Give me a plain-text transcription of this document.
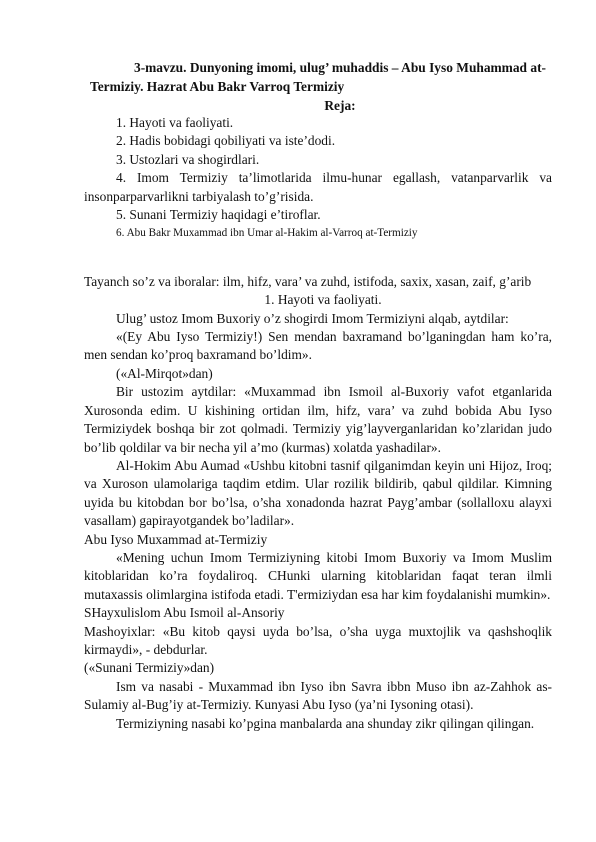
3-mavzu. Dunyoning imomi, ulug’ muhaddis – Abu Iyso Muhammad at-Termiziy. Hazrat Abu Bakr Varroq Termiziy
Reja:

1. Hayoti va faoliyati.

2. Hadis bobidagi qobiliyati va iste’dodi.

3. Ustozlari va shogirdlari.

4. Imom Termiziy ta’limotlarida ilmu-hunar egallash, vatanparvarlik va insonparparvarlikni tarbiyalash to’g’risida.

5. Sunani Termiziy haqidagi e’tiroflar.

6. Abu Bakr Muxammad ibn Umar al-Hakim al-Varroq at-Termiziy

Tayanch so’z va iboralar: ilm, hifz, vara’ va zuhd, istifoda, saxix, xasan, zaif, g’arib

1. Hayoti va faoliyati.

Ulug’ ustoz Imom Buxoriy o’z shogirdi Imom Termiziyni alqab, aytdilar:

«(Ey Abu Iyso Termiziy!) Sen mendan baxramand bo’lganingdan ham ko’ra, men sendan ko’proq baxramand bo’ldim».

(«Al-Mirqot»dan)

Bir ustozim aytdilar: «Muxammad ibn Ismoil al-Buxoriy vafot etganlarida Xurosonda edim. U kishining ortidan ilm, hifz, vara’ va zuhd bobida Abu Iyso Termiziydek boshqa bir zot qolmadi. Termiziy yig’layverganlaridan ko’zlaridan judo bo’lib qoldilar va bir necha yil a’mo (kurmas) xolatda yashadilar».

Al-Hokim Abu Aumad «Ushbu kitobni tasnif qilganimdan keyin uni Hijoz, Iroq; va Xuroson ulamolariga taqdim etdim. Ular rozilik bildirib, qabul qildilar. Kimning uyida bu kitobdan bor bo’lsa, o’sha xonadonda hazrat Payg’ambar (sollalloxu alayxi vasallam) gapirayotgandek bo’ladilar».

Abu Iyso Muxammad at-Termiziy

«Mening uchun Imom Termiziyning kitobi Imom Buxoriy va Imom Muslim kitoblaridan ko’ra foydaliroq. CHunki ularning kitoblaridan faqat teran ilmli mutaxassis olimlargina istifoda etadi. T'ermiziydan esa har kim foydalanishi mumkin».

SHayxulislom Abu Ismoil al-Ansoriy

Mashoyixlar: «Bu kitob qaysi uyda bo’lsa, o’sha uyga muxtojlik va qashshoqlik kirmaydi», - debdurlar.

(«Sunani Termiziy»dan)

Ism va nasabi - Muxammad ibn Iyso ibn Savra ibbn Muso ibn az-Zahhok as-Sulamiy al-Bug’iy at-Termiziy. Kunyasi Abu Iyso (ya’ni Iysoning otasi).

Termiziyning nasabi ko’pgina manbalarda ana shunday zikr qilingan qilingan.
